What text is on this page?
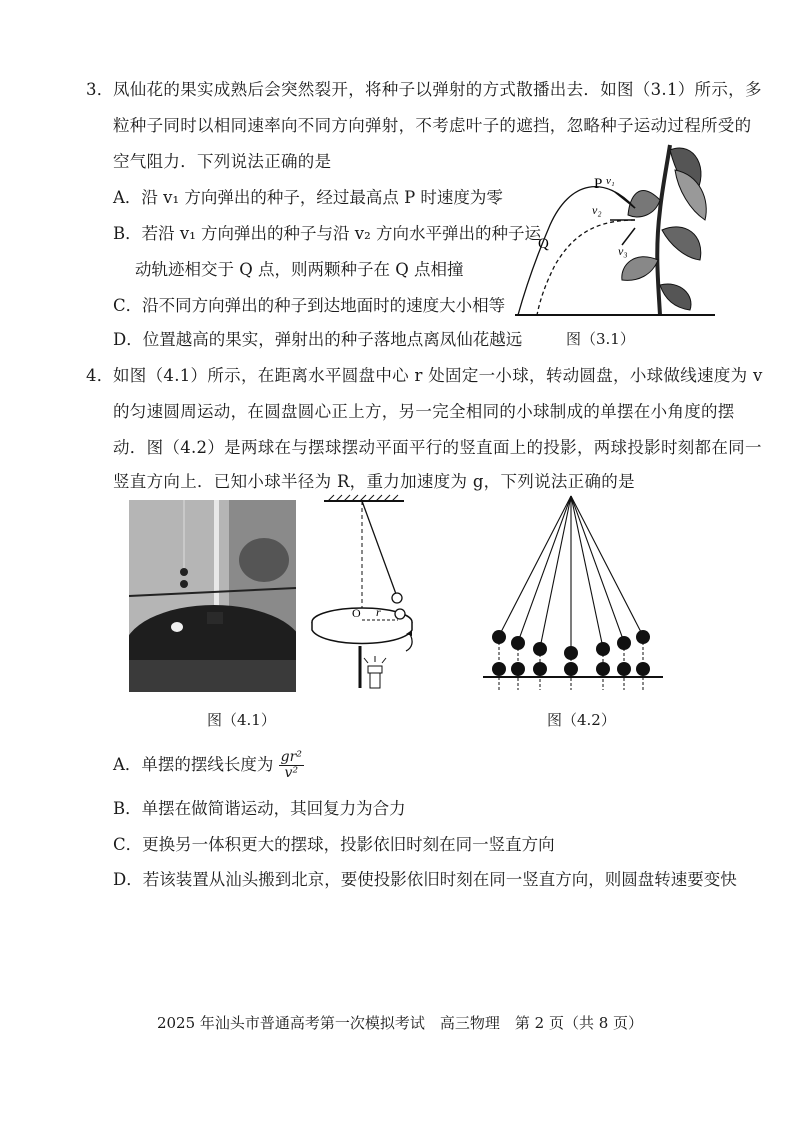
3． 凤仙花的果实成熟后会突然裂开，将种子以弹射的方式散播出去．如图（3.1）所示，多
粒种子同时以相同速率向不同方向弹射，不考虑叶子的遮挡，忽略种子运动过程所受的
空气阻力．下列说法正确的是
A．沿 v₁ 方向弹出的种子，经过最高点 P 时速度为零
B．若沿 v₁ 方向弹出的种子与沿 v₂ 方向水平弹出的种子运
动轨迹相交于 Q 点，则两颗种子在 Q 点相撞
C．沿不同方向弹出的种子到达地面时的速度大小相等
D．位置越高的果实，弹射出的种子落地点离凤仙花越远
P v₁
v₂
v₃
Q
图（3.1）
4． 如图（4.1）所示，在距离水平圆盘中心 r 处固定一小球，转动圆盘，小球做线速度为 v
的匀速圆周运动，在圆盘圆心正上方，另一完全相同的小球制成的单摆在小角度的摆
动．图（4.2）是两球在与摆球摆动平面平行的竖直面上的投影，两球投影时刻都在同一
竖直方向上．已知小球半径为 R，重力加速度为 g，下列说法正确的是
O r
图（4.1）	图（4.2）
A．单摆的摆线长度为 $\frac{\text{gr²}}{\text{v²}}$
B．单摆在做简谐运动，其回复力为合力
C．更换另一体积更大的摆球，投影依旧时刻在同一竖直方向
D．若该装置从汕头搬到北京，要使投影依旧时刻在同一竖直方向，则圆盘转速要变快
2025 年汕头市普通高考第一次模拟考试　高三物理　第 2 页（共 8 页）
